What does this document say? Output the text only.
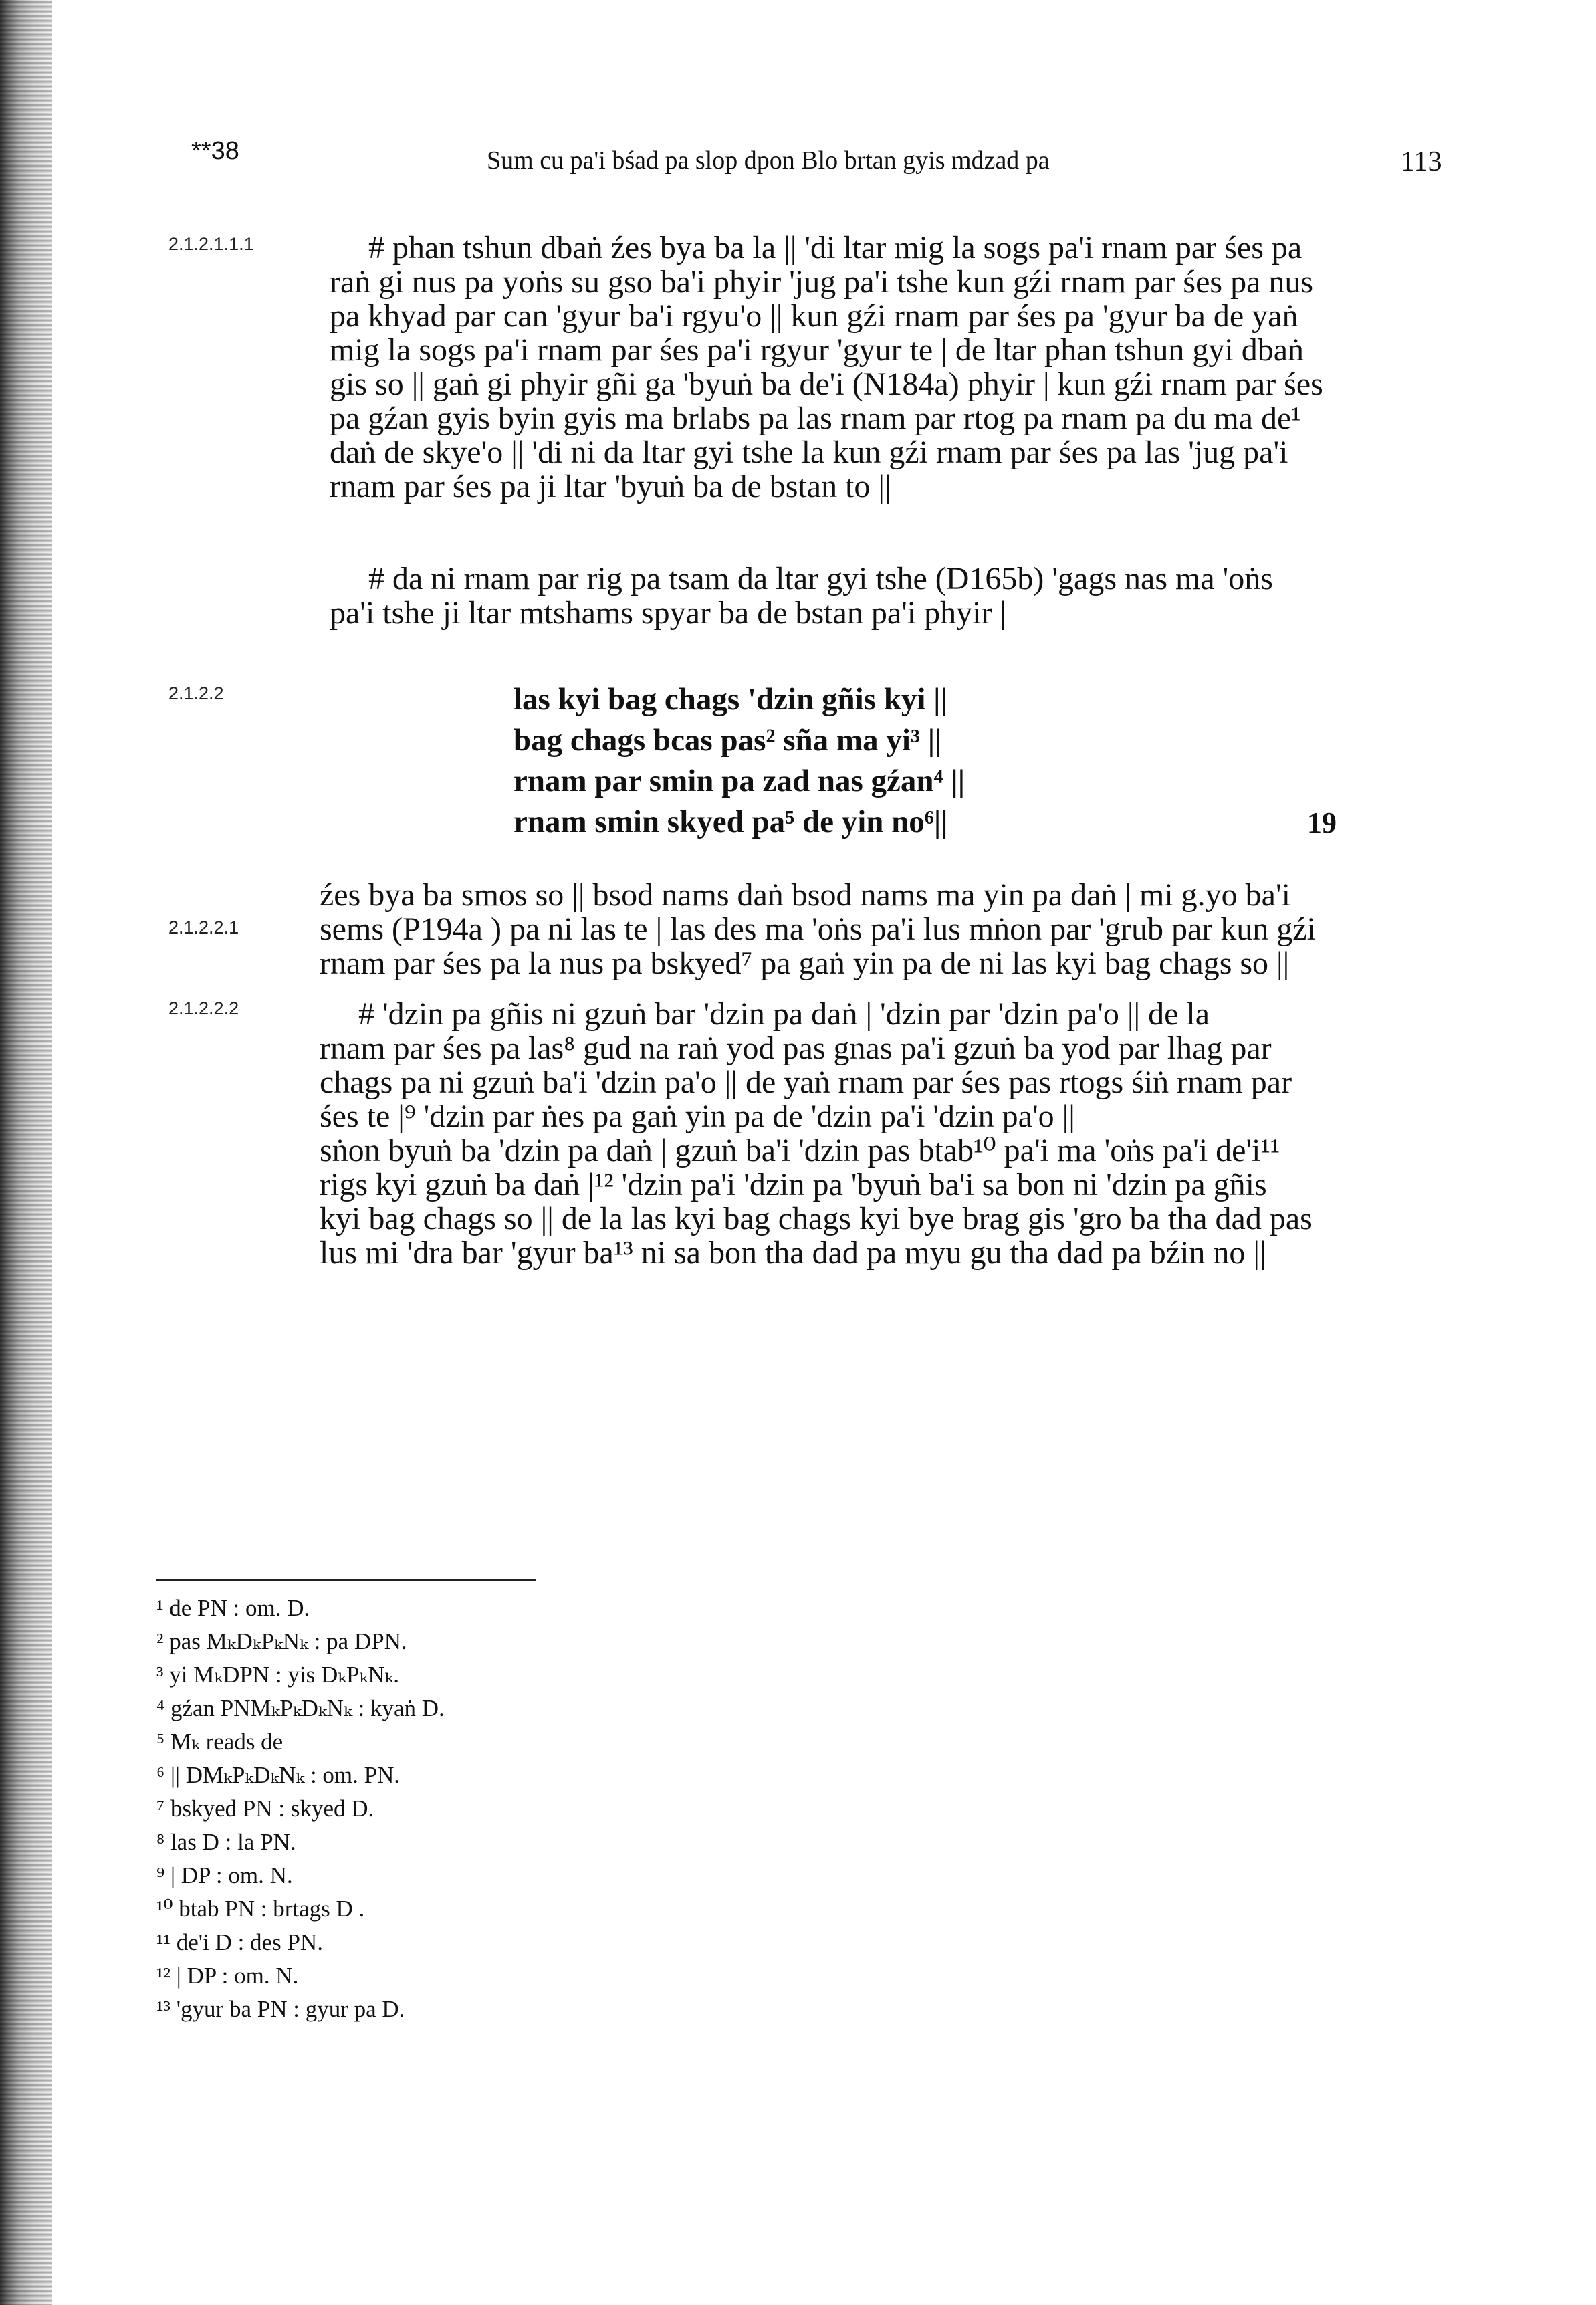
**38	Sum cu pa'i bśad pa slop dpon Blo brtan gyis mdzad pa	113
2.1.2.1.1.1
2.1.2.2
2.1.2.2.1
2.1.2.2.2
# phan tshun dbaṅ źes bya ba la || 'di ltar mig la sogs pa'i rnam par śes pa
raṅ gi nus pa yoṅs su gso ba'i phyir 'jug pa'i tshe kun gźi rnam par śes pa nus
pa khyad par can 'gyur ba'i rgyu'o || kun gźi rnam par śes pa 'gyur ba de yaṅ
mig la sogs pa'i rnam par śes pa'i rgyur 'gyur te | de ltar phan tshun gyi dbaṅ
gis so || gaṅ gi phyir gñi ga 'byuṅ ba de'i (N184a) phyir | kun gźi rnam par śes
pa gźan gyis byin gyis ma brlabs pa las rnam par rtog pa rnam pa du ma de¹
daṅ de skye'o || 'di ni da ltar gyi tshe la kun gźi rnam par śes pa las 'jug pa'i
rnam par śes pa ji ltar 'byuṅ ba de bstan to ||
# da ni rnam par rig pa tsam da ltar gyi tshe (D165b) 'gags nas ma 'oṅs
pa'i tshe ji ltar mtshams spyar ba de bstan pa'i phyir |
las kyi bag chags 'dzin gñis kyi ||
bag chags bcas pas² sña ma yi³ ||
rnam par smin pa zad nas gźan⁴ ||
rnam smin skyed pa⁵ de yin no⁶||	19
źes bya ba smos so || bsod nams daṅ bsod nams ma yin pa daṅ | mi g.yo ba'i
sems (P194a ) pa ni las te | las des ma 'oṅs pa'i lus mṅon par 'grub par kun gźi
rnam par śes pa la nus pa bskyed⁷ pa gaṅ yin pa de ni las kyi bag chags so ||
# 'dzin pa gñis ni gzuṅ bar 'dzin pa daṅ | 'dzin par 'dzin pa'o || de la
rnam par śes pa las⁸ gud na raṅ yod pas gnas pa'i gzuṅ ba yod par lhag par
chags pa ni gzuṅ ba'i 'dzin pa'o || de yaṅ rnam par śes pas rtogs śiṅ rnam par
śes te |⁹ 'dzin par ṅes pa gaṅ yin pa de 'dzin pa'i 'dzin pa'o ||
sṅon byuṅ ba 'dzin pa daṅ | gzuṅ ba'i 'dzin pas btab¹⁰ pa'i ma 'oṅs pa'i de'i¹¹
rigs kyi gzuṅ ba daṅ |¹² 'dzin pa'i 'dzin pa 'byuṅ ba'i sa bon ni 'dzin pa gñis
kyi bag chags so || de la las kyi bag chags kyi bye brag gis 'gro ba tha dad pas
lus mi 'dra bar 'gyur ba¹³ ni sa bon tha dad pa myu gu tha dad pa bźin no ||
¹ de PN : om. D.
² pas MₖDₖPₖNₖ : pa DPN.
³ yi MₖDPN : yis DₖPₖNₖ.
⁴ gźan PNMₖPₖDₖNₖ : kyaṅ D.
⁵ Mₖ reads de
⁶ || DMₖPₖDₖNₖ : om. PN.
⁷ bskyed PN : skyed D.
⁸ las D : la PN.
⁹ | DP : om. N.
¹⁰ btab PN : brtags D .
¹¹ de'i D : des PN.
¹² | DP : om. N.
¹³ 'gyur ba PN : gyur pa D.
